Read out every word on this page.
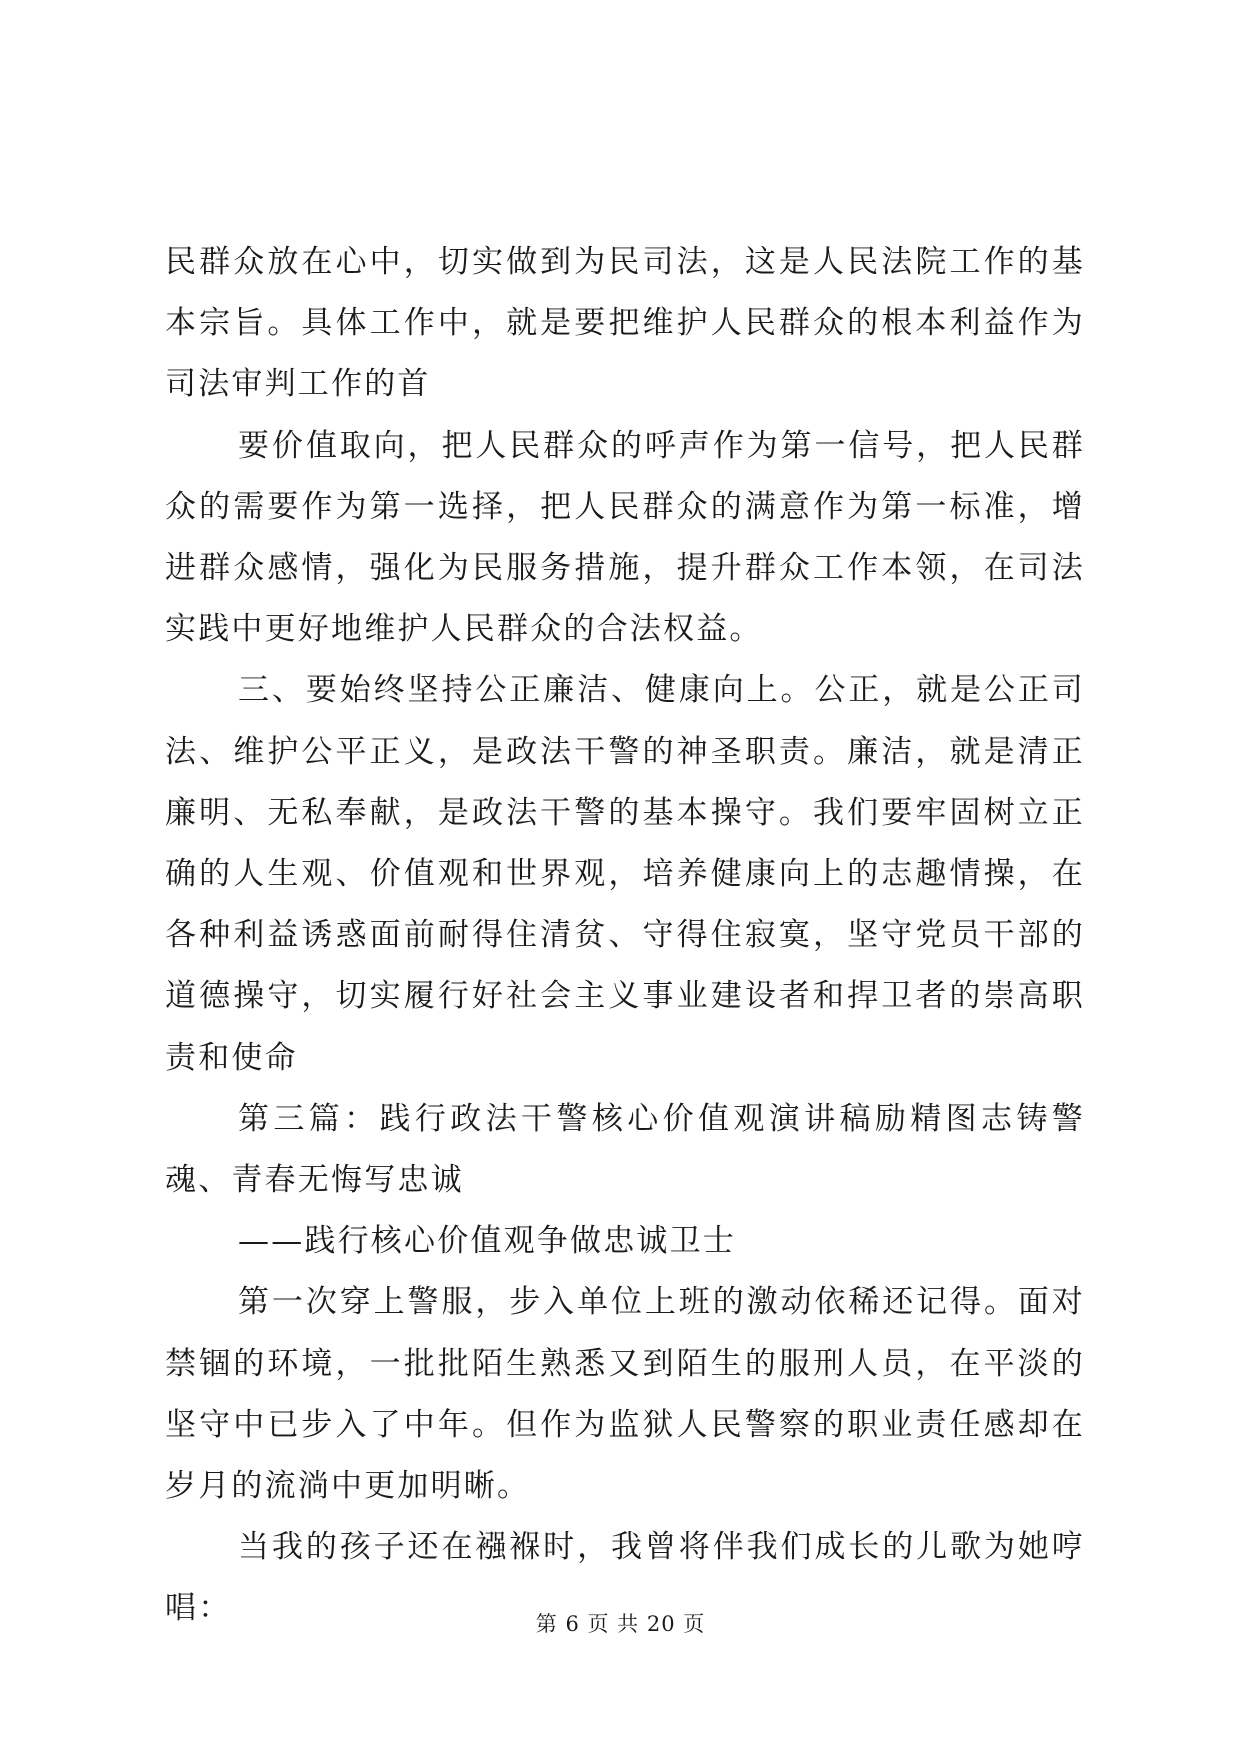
民群众放在心中，切实做到为民司法，这是人民法院工作的基本宗旨。具体工作中，就是要把维护人民群众的根本利益作为司法审判工作的首

要价值取向，把人民群众的呼声作为第一信号，把人民群众的需要作为第一选择，把人民群众的满意作为第一标准，增进群众感情，强化为民服务措施，提升群众工作本领，在司法实践中更好地维护人民群众的合法权益。

三、要始终坚持公正廉洁、健康向上。公正，就是公正司法、维护公平正义，是政法干警的神圣职责。廉洁，就是清正廉明、无私奉献，是政法干警的基本操守。我们要牢固树立正确的人生观、价值观和世界观，培养健康向上的志趣情操，在各种利益诱惑面前耐得住清贫、守得住寂寞，坚守党员干部的道德操守，切实履行好社会主义事业建设者和捍卫者的崇高职责和使命

第三篇：践行政法干警核心价值观演讲稿励精图志铸警魂、青春无悔写忠诚

——践行核心价值观争做忠诚卫士

第一次穿上警服，步入单位上班的激动依稀还记得。面对禁锢的环境，一批批陌生熟悉又到陌生的服刑人员，在平淡的坚守中已步入了中年。但作为监狱人民警察的职业责任感却在岁月的流淌中更加明晰。

当我的孩子还在襁褓时，我曾将伴我们成长的儿歌为她哼唱：	第 6 页 共 20 页
